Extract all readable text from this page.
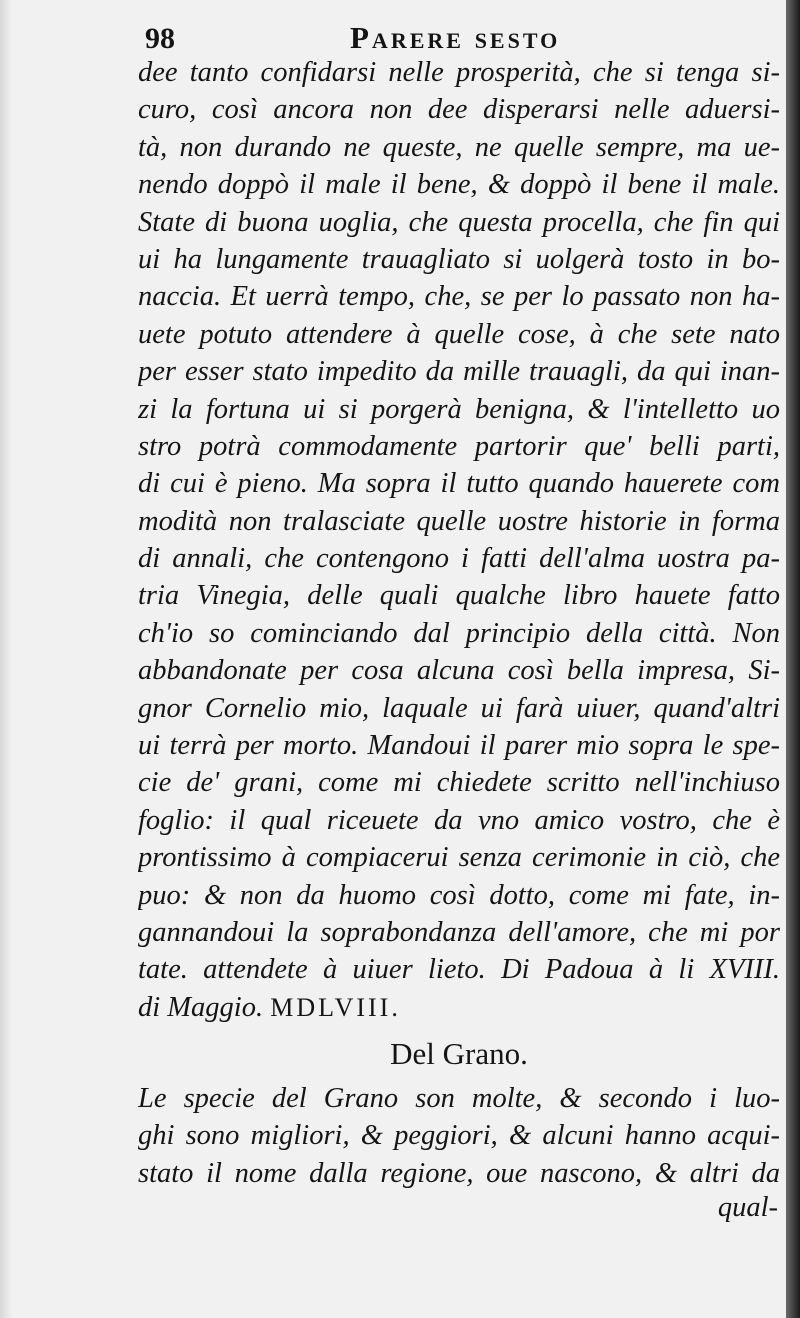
98	Parere sesto
dee tanto confidarsi nelle prosperità, che si tenga si-
curo, così ancora non dee disperarsi nelle aduersi-
tà, non durando ne queste, ne quelle sempre, ma ue-
nendo doppò il male il bene, & doppò il bene il male.
State di buona uoglia, che questa procella, che fin qui
ui ha lungamente trauagliato si uolgerà tosto in bo-
naccia. Et uerrà tempo, che, se per lo passato non ha-
uete potuto attendere à quelle cose, à che sete nato
per esser stato impedito da mille trauagli, da qui inan-
zi la fortuna ui si porgerà benigna, & l'intelletto uo
stro potrà commodamente partorir que' belli parti,
di cui è pieno. Ma sopra il tutto quando hauerete com
modità non tralasciate quelle uostre historie in forma
di annali, che contengono i fatti dell'alma uostra pa-
tria Vinegia, delle quali qualche libro hauete fatto
ch'io so cominciando dal principio della città. Non
abbandonate per cosa alcuna così bella impresa, Si-
gnor Cornelio mio, laquale ui farà uiuer, quand'altri
ui terrà per morto. Mandoui il parer mio sopra le spe-
cie de' grani, come mi chiedete scritto nell'inchiuso
foglio: il qual riceuete da vno amico vostro, che è
prontissimo à compiacerui senza cerimonie in ciò, che
puo: & non da huomo così dotto, come mi fate, in-
gannandoui la soprabondanza dell'amore, che mi por
tate. attendete à uiuer lieto. Di Padoua à li XVIII.
di Maggio. MDLVIII.
Del Grano.
Le specie del Grano son molte, & secondo i luo-
ghi sono migliori, & peggiori, & alcuni hanno acqui-
stato il nome dalla regione, oue nascono, & altri da
qual-
